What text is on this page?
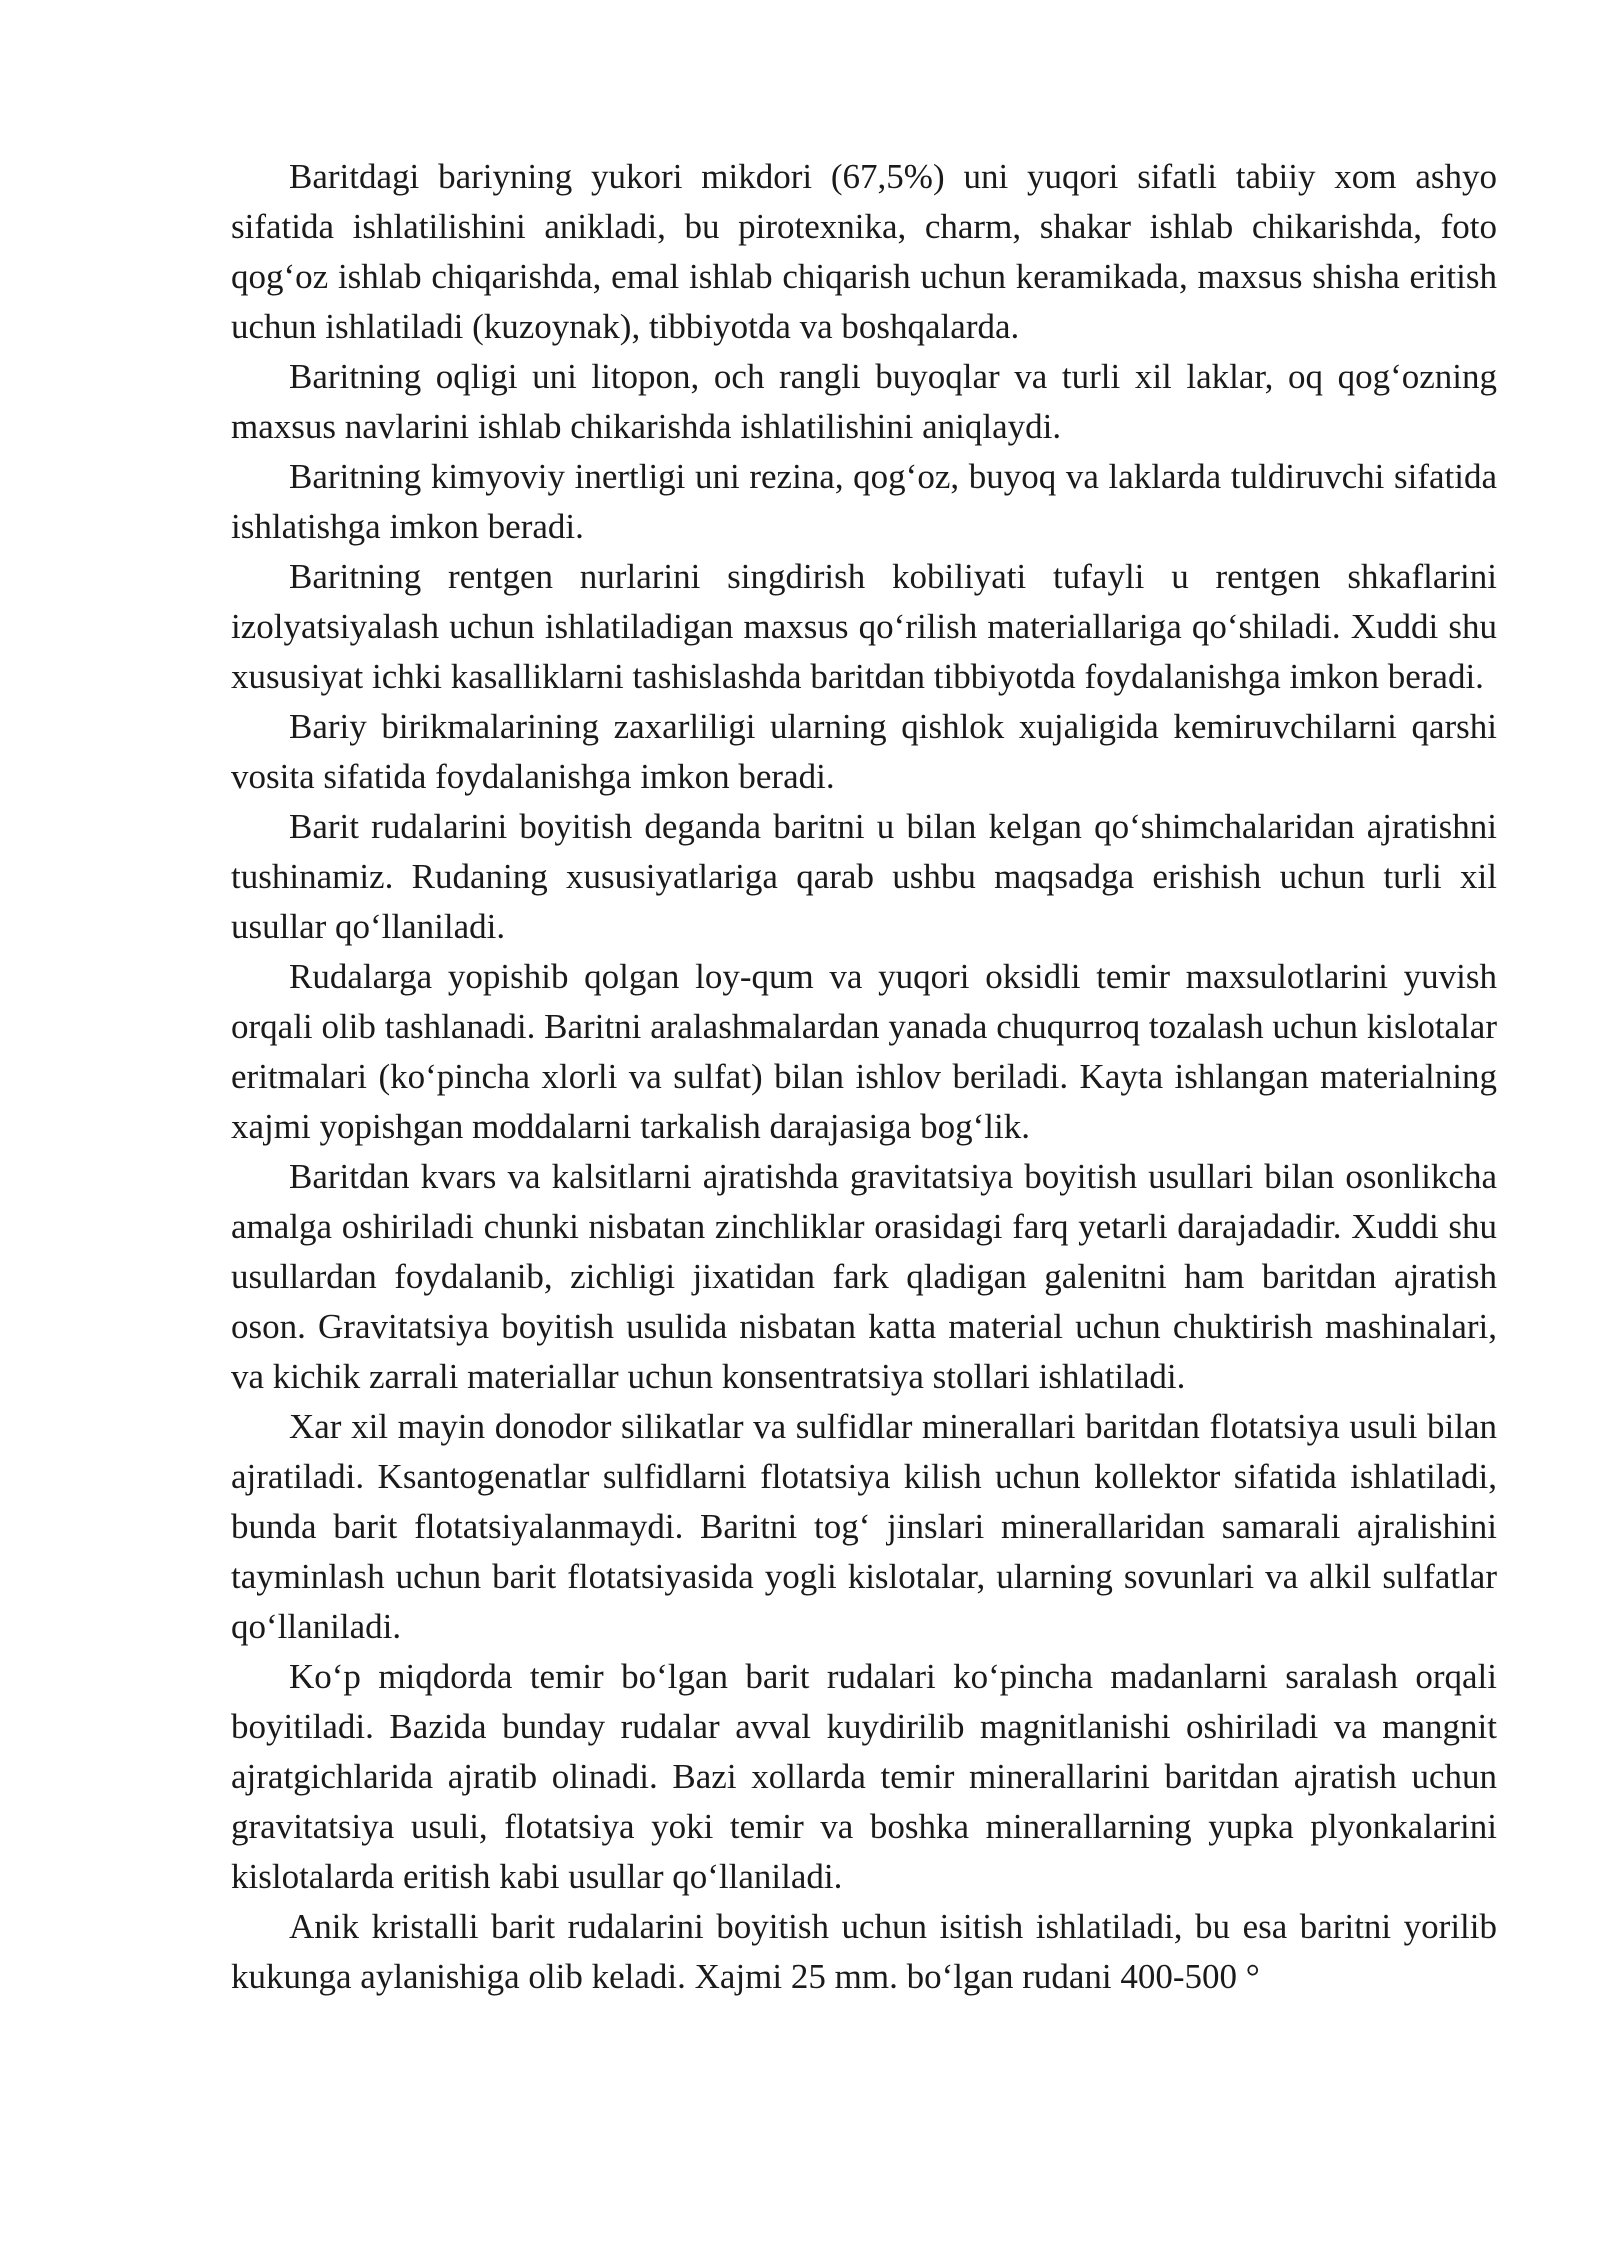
Baritdagi bariyning yukori mikdori (67,5%) uni yuqori sifatli tabiiy xom ashyo sifatida ishlatilishini anikladi, bu pirotexnika, charm, shakar ishlab chikarishda, foto qog‘oz ishlab chiqarishda, emal ishlab chiqarish uchun keramikada, maxsus shisha eritish uchun ishlatiladi (kuzoynak), tibbiyotda va boshqalarda.

Baritning oqligi uni litopon, och rangli buyoqlar va turli xil laklar, oq qog‘ozning maxsus navlarini ishlab chikarishda ishlatilishini aniqlaydi.

Baritning kimyoviy inertligi uni rezina, qog‘oz, buyoq va laklarda tuldiruvchi sifatida ishlatishga imkon beradi.

Baritning rentgen nurlarini singdirish kobiliyati tufayli u rentgen shkaflarini izolyatsiyalash uchun ishlatiladigan maxsus qo‘rilish materiallariga qo‘shiladi. Xuddi shu xususiyat ichki kasalliklarni tashislashda baritdan tibbiyotda foydalanishga imkon beradi.

Bariy birikmalarining zaxarliligi ularning qishlok xujaligida kemiruvchilarni qarshi vosita sifatida foydalanishga imkon beradi.

Barit rudalarini boyitish deganda baritni u bilan kelgan qo‘shimchalaridan ajratishni tushinamiz. Rudaning xususiyatlariga qarab ushbu maqsadga erishish uchun turli xil usullar qo‘llaniladi.

Rudalarga yopishib qolgan loy-qum va yuqori oksidli temir maxsulotlarini yuvish orqali olib tashlanadi. Baritni aralashmalardan yanada chuqurroq tozalash uchun kislotalar eritmalari (ko‘pincha xlorli va sulfat) bilan ishlov beriladi. Kayta ishlangan materialning xajmi yopishgan moddalarni tarkalish darajasiga bog‘lik.

Baritdan kvars va kalsitlarni ajratishda gravitatsiya boyitish usullari bilan osonlikcha amalga oshiriladi chunki nisbatan zinchliklar orasidagi farq yetarli darajadadir. Xuddi shu usullardan foydalanib, zichligi jixatidan fark qladigan galenitni ham baritdan ajratish oson. Gravitatsiya boyitish usulida nisbatan katta material uchun chuktirish mashinalari, va kichik zarrali materiallar uchun konsentratsiya stollari ishlatiladi.

Xar xil mayin donodor silikatlar va sulfidlar minerallari baritdan flotatsiya usuli bilan ajratiladi. Ksantogenatlar sulfidlarni flotatsiya kilish uchun kollektor sifatida ishlatiladi, bunda barit flotatsiyalanmaydi. Baritni tog‘ jinslari minerallaridan samarali ajralishini tayminlash uchun barit flotatsiyasida yogli kislotalar, ularning sovunlari va alkil sulfatlar qo‘llaniladi.

Ko‘p miqdorda temir bo‘lgan barit rudalari ko‘pincha madanlarni saralash orqali boyitiladi. Bazida bunday rudalar avval kuydirilib magnitlanishi oshiriladi va mangnit ajratgichlarida ajratib olinadi. Bazi xollarda temir minerallarini baritdan ajratish uchun gravitatsiya usuli, flotatsiya yoki temir va boshka minerallarning yupka plyonkalarini kislotalarda eritish kabi usullar qo‘llaniladi.

Anik kristalli barit rudalarini boyitish uchun isitish ishlatiladi, bu esa baritni yorilib kukunga aylanishiga olib keladi. Xajmi 25 mm. bo‘lgan rudani 400-500 °
